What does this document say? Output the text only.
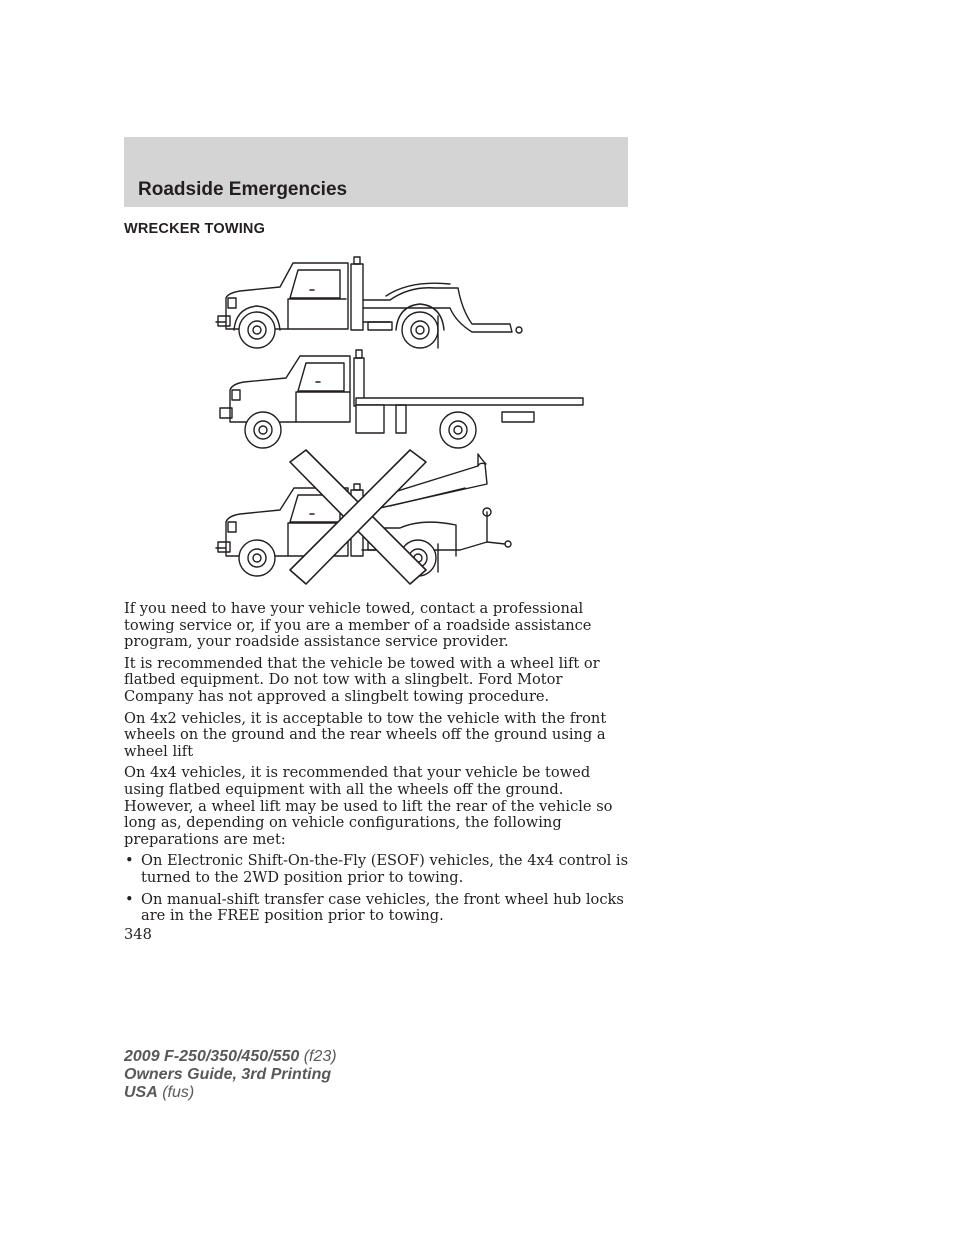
Roadside Emergencies
WRECKER TOWING

If you need to have your vehicle towed, contact a professional towing service or, if you are a member of a roadside assistance program, your roadside assistance service provider.

It is recommended that the vehicle be towed with a wheel lift or flatbed equipment. Do not tow with a slingbelt. Ford Motor Company has not approved a slingbelt towing procedure.

On 4x2 vehicles, it is acceptable to tow the vehicle with the front wheels on the ground and the rear wheels off the ground using a wheel lift

On 4x4 vehicles, it is recommended that your vehicle be towed using flatbed equipment with all the wheels off the ground. However, a wheel lift may be used to lift the rear of the vehicle so long as, depending on vehicle configurations, the following preparations are met:

• On Electronic Shift-On-the-Fly (ESOF) vehicles, the 4x4 control is turned to the 2WD position prior to towing.
• On manual-shift transfer case vehicles, the front wheel hub locks are in the FREE position prior to towing.
348
2009 F-250/350/450/550 (f23)
Owners Guide, 3rd Printing
USA (fus)
